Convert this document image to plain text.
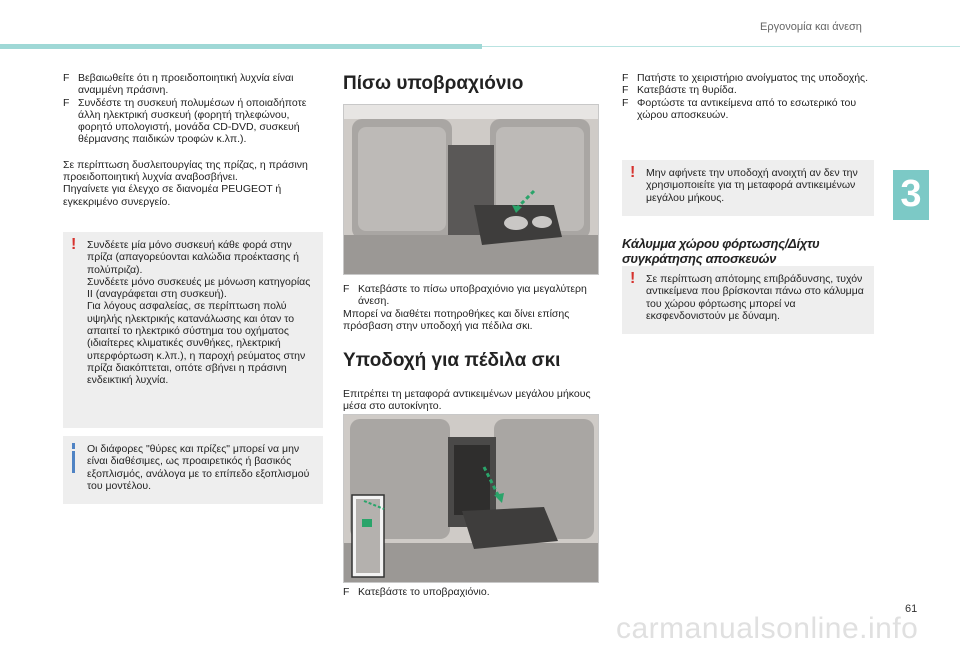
Εργονομία και άνεση
3

F Βεβαιωθείτε ότι η προειδοποιητική λυχνία είναι αναμμένη πράσινη.

F Συνδέστε τη συσκευή πολυμέσων ή οποιαδήποτε άλλη ηλεκτρική συσκευή (φορητή τηλεφώνου, φορητό υπολογιστή, μονάδα CD-DVD, συσκευή θέρμανσης παιδικών τροφών κ.λπ.).

Σε περίπτωση δυσλειτουργίας της πρίζας, η πράσινη προειδοποιητική λυχνία αναβοσβήνει.
Πηγαίνετε για έλεγχο σε διανομέα PEUGEOT ή εγκεκριμένο συνεργείο.

! Συνδέετε μία μόνο συσκευή κάθε φορά στην πρίζα (απαγορεύονται καλώδια προέκτασης ή πολύπριζα).
Συνδέετε μόνο συσκευές με μόνωση κατηγορίας II (αναγράφεται στη συσκευή).
Για λόγους ασφαλείας, σε περίπτωση πολύ υψηλής ηλεκτρικής κατανάλωσης και όταν το απαιτεί το ηλεκτρικό σύστημα του οχήματος (ιδιαίτερες κλιματικές συνθήκες, ηλεκτρική υπερφόρτωση κ.λπ.), η παροχή ρεύματος στην πρίζα διακόπτεται, οπότε σβήνει η πράσινη ενδεικτική λυχνία.

Οι διάφορες "θύρες και πρίζες" μπορεί να μην είναι διαθέσιμες, ως προαιρετικός ή βασικός εξοπλισμός, ανάλογα με το επίπεδο εξοπλισμού του μοντέλου.

Πίσω υποβραχιόνιο

F Κατεβάστε το πίσω υποβραχιόνιο για μεγαλύτερη άνεση.

Μπορεί να διαθέτει ποτηροθήκες και δίνει επίσης πρόσβαση στην υποδοχή για πέδιλα σκι.

Υποδοχή για πέδιλα σκι

Επιτρέπει τη μεταφορά αντικειμένων μεγάλου μήκους μέσα στο αυτοκίνητο.

F Κατεβάστε το υποβραχιόνιο.

F Πατήστε το χειριστήριο ανοίγματος της υποδοχής.

F Κατεβάστε τη θυρίδα.

F Φορτώστε τα αντικείμενα από το εσωτερικό του χώρου αποσκευών.

! Μην αφήνετε την υποδοχή ανοιχτή αν δεν την χρησιμοποιείτε για τη μεταφορά αντικειμένων μεγάλου μήκους.

Κάλυμμα χώρου φόρτωσης/Δίχτυ συγκράτησης αποσκευών
! Σε περίπτωση απότομης επιβράδυνσης, τυχόν αντικείμενα που βρίσκονται πάνω στο κάλυμμα του χώρου φόρτωσης μπορεί να εκσφενδονιστούν με δύναμη.

61
carmanualsonline.info
